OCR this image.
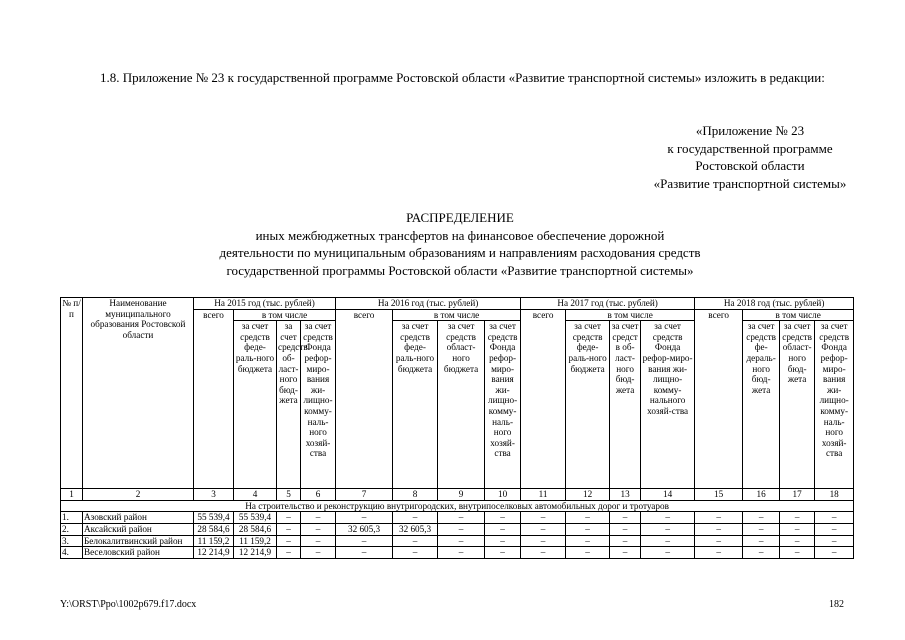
1.8. Приложение № 23 к государственной программе Ростовской области «Развитие транспортной системы» изложить в редакции:
«Приложение № 23
к государственной программе
Ростовской области
«Развитие транспортной системы»
РАСПРЕДЕЛЕНИЕ
иных межбюджетных трансфертов на финансовое обеспечение дорожной
деятельности по муниципальным образованиям и направлениям расходования средств
государственной программы Ростовской области «Развитие транспортной системы»
№ п/п	Наименование муниципального образования Ростовской области	На 2015 год (тыс. рублей)				На 2016 год (тыс. рублей)				На 2017 год (тыс. рублей)				На 2018 год (тыс. рублей)			
		всего	в том числе			всего	в том числе			всего	в том числе			всего	в том числе		
			за счет средств феде-раль-ного бюджета	за счет средств об-ласт-ного бюд-жета	за счет средств Фонда рефор-миро-вания жи-лищно-комму-наль-ного хозяй-ства		за счет средств феде-раль-ного бюджета	за счет средств област-ного бюджета	за счет средств Фонда рефор-миро-вания жи-лищно-комму-наль-ного хозяй-ства		за счет средств феде-раль-ного бюджета	за счет средст в об-ласт-ного бюд-жета	за счет средств Фонда рефор-миро-вания жи-лищно-комму-нального хозяй-ства		за счет средств фе-дераль-ного бюд-жета	за счет средств област-ного бюд-жета	за счет средств Фонда рефор-миро-вания жи-лищно-комму-наль-ного хозяй-ства
1	2	3	4	5	6	7	8	9	10	11	12	13	14	15	16	17	18
На строительство и реконструкцию внутригородских, внутрипоселковых автомобильных дорог и тротуаров																	
1.	Азовский район	55 539,4	55 539,4	–	–	–	–	–	–	–	–	–	–	–	–	–	–
2.	Аксайский район	28 584,6	28 584,6	–	–	32 605,3	32 605,3	–	–	–	–	–	–	–	–	–	–
3.	Белокалитвинский район	11 159,2	11 159,2	–	–	–	–	–	–	–	–	–	–	–	–	–	–
4.	Веселовский район	12 214,9	12 214,9	–	–	–	–	–	–	–	–	–	–	–	–	–	–
Y:\ORST\Ppo\1002p679.f17.docx	182
